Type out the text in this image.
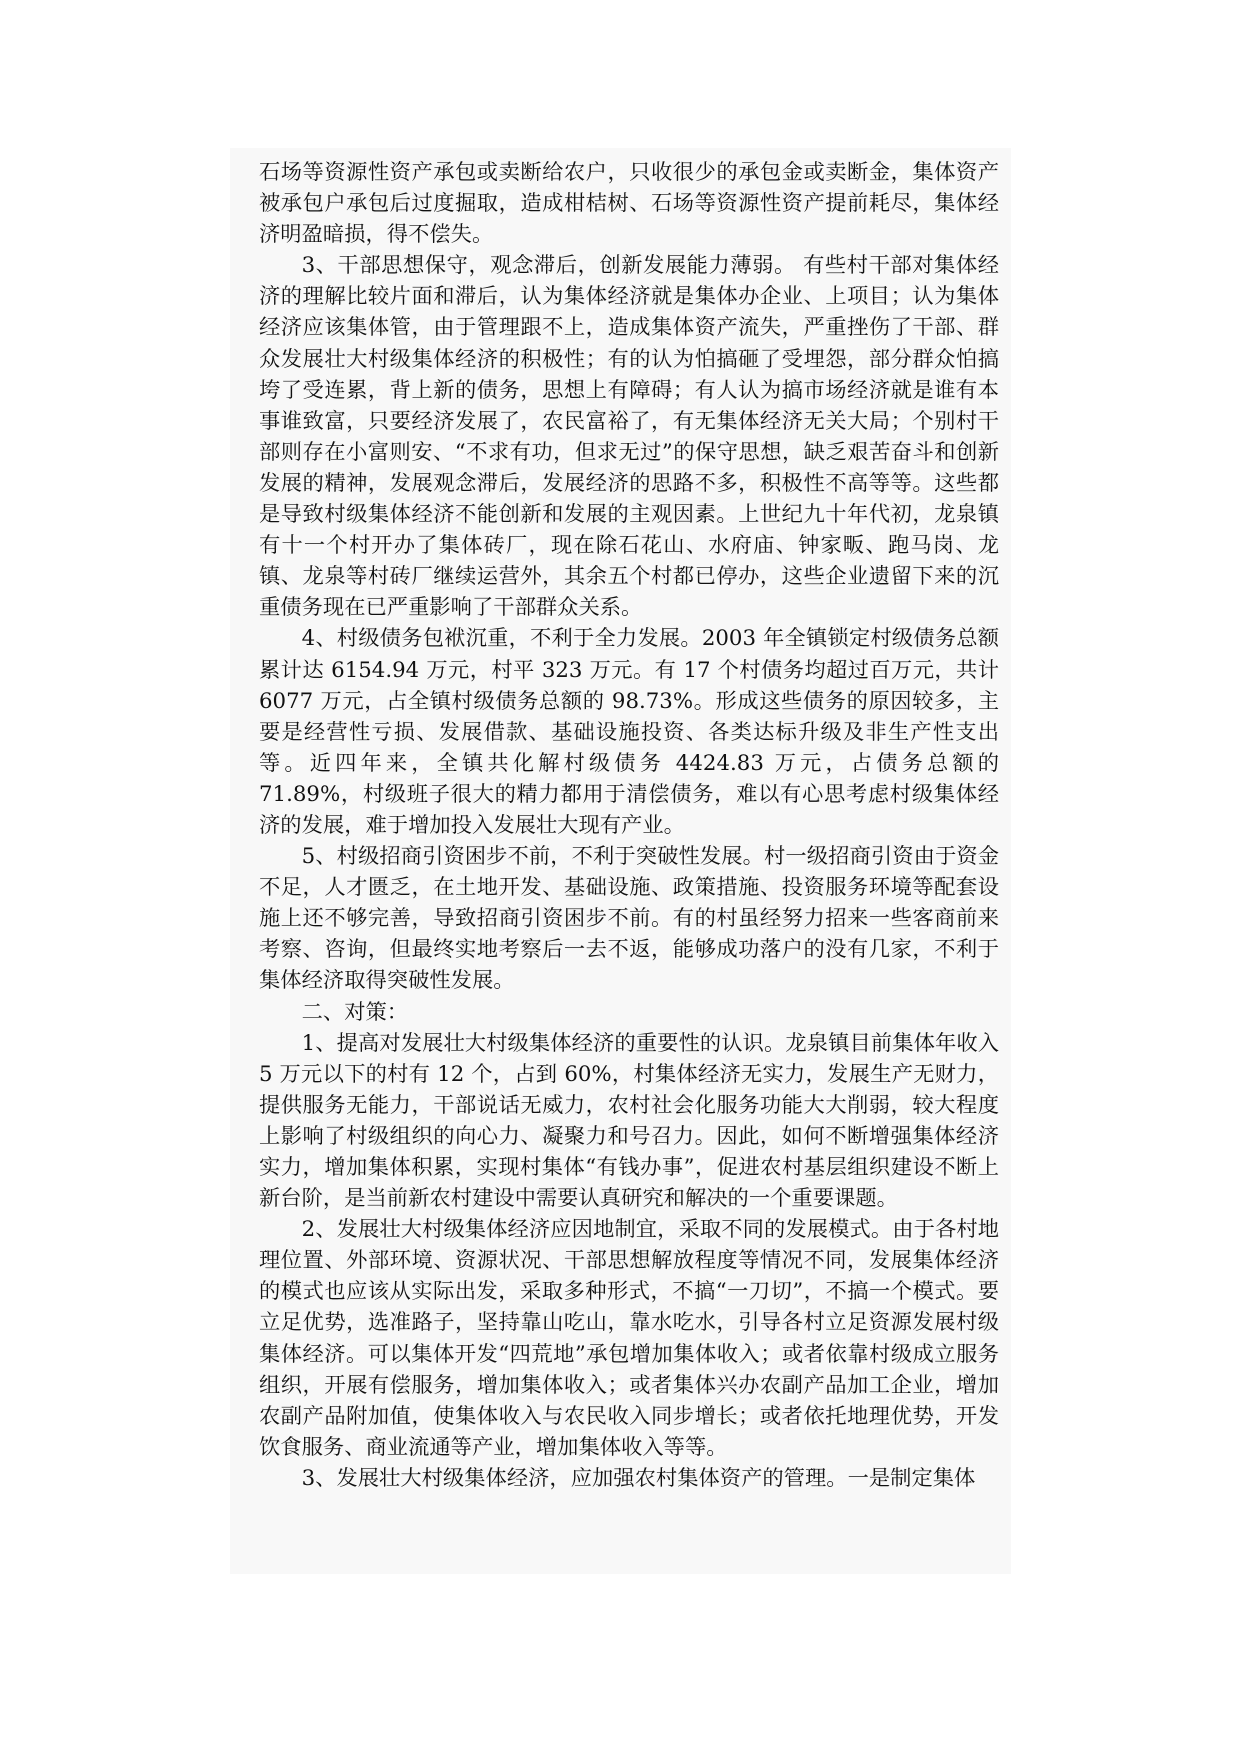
石场等资源性资产承包或卖断给农户，只收很少的承包金或卖断金，集体资产被承包户承包后过度掘取，造成柑桔树、石场等资源性资产提前耗尽，集体经济明盈暗损，得不偿失。

3、干部思想保守，观念滞后，创新发展能力薄弱。 有些村干部对集体经济的理解比较片面和滞后，认为集体经济就是集体办企业、上项目；认为集体经济应该集体管，由于管理跟不上，造成集体资产流失，严重挫伤了干部、群众发展壮大村级集体经济的积极性；有的认为怕搞砸了受埋怨，部分群众怕搞垮了受连累，背上新的债务，思想上有障碍；有人认为搞市场经济就是谁有本事谁致富，只要经济发展了，农民富裕了，有无集体经济无关大局；个别村干部则存在小富则安、“不求有功，但求无过”的保守思想，缺乏艰苦奋斗和创新发展的精神，发展观念滞后，发展经济的思路不多，积极性不高等等。这些都是导致村级集体经济不能创新和发展的主观因素。上世纪九十年代初，龙泉镇有十一个村开办了集体砖厂，现在除石花山、水府庙、钟家畈、跑马岗、龙镇、龙泉等村砖厂继续运营外，其余五个村都已停办，这些企业遗留下来的沉重债务现在已严重影响了干部群众关系。

4、村级债务包袱沉重，不利于全力发展。2003 年全镇锁定村级债务总额累计达 6154.94 万元，村平 323 万元。有 17 个村债务均超过百万元，共计 6077 万元，占全镇村级债务总额的 98.73%。形成这些债务的原因较多，主要是经营性亏损、发展借款、基础设施投资、各类达标升级及非生产性支出等。近四年来，全镇共化解村级债务 4424.83 万元，占债务总额的 71.89%，村级班子很大的精力都用于清偿债务，难以有心思考虑村级集体经济的发展，难于增加投入发展壮大现有产业。

5、村级招商引资困步不前，不利于突破性发展。村一级招商引资由于资金不足，人才匮乏，在土地开发、基础设施、政策措施、投资服务环境等配套设施上还不够完善，导致招商引资困步不前。有的村虽经努力招来一些客商前来考察、咨询，但最终实地考察后一去不返，能够成功落户的没有几家，不利于集体经济取得突破性发展。

二、对策：

1、提高对发展壮大村级集体经济的重要性的认识。龙泉镇目前集体年收入 5 万元以下的村有 12 个，占到 60%，村集体经济无实力，发展生产无财力，提供服务无能力，干部说话无威力，农村社会化服务功能大大削弱，较大程度上影响了村级组织的向心力、凝聚力和号召力。因此，如何不断增强集体经济实力，增加集体积累，实现村集体“有钱办事”，促进农村基层组织建设不断上新台阶，是当前新农村建设中需要认真研究和解决的一个重要课题。

2、发展壮大村级集体经济应因地制宜，采取不同的发展模式。由于各村地理位置、外部环境、资源状况、干部思想解放程度等情况不同，发展集体经济的模式也应该从实际出发，采取多种形式，不搞“一刀切”，不搞一个模式。要立足优势，选准路子，坚持靠山吃山，靠水吃水，引导各村立足资源发展村级集体经济。可以集体开发“四荒地”承包增加集体收入；或者依靠村级成立服务组织，开展有偿服务，增加集体收入；或者集体兴办农副产品加工企业，增加农副产品附加值，使集体收入与农民收入同步增长；或者依托地理优势，开发饮食服务、商业流通等产业，增加集体收入等等。

3、发展壮大村级集体经济，应加强农村集体资产的管理。一是制定集体
